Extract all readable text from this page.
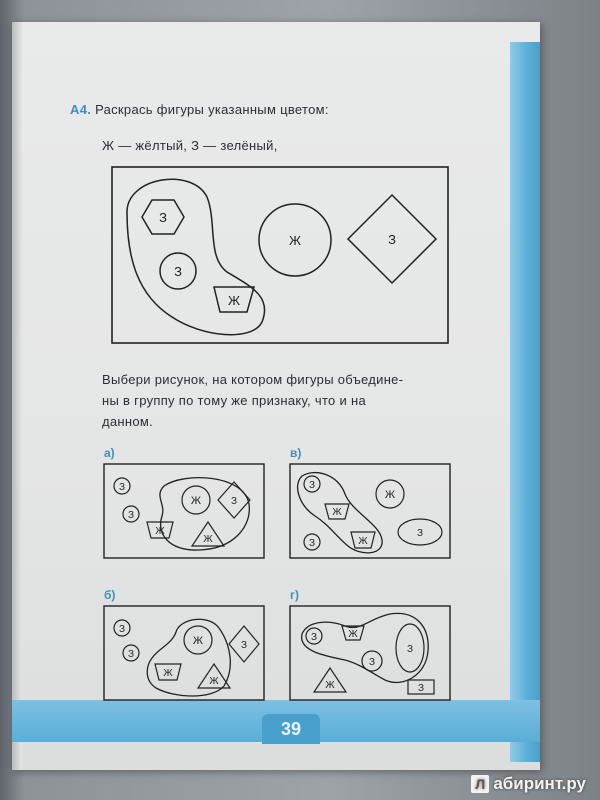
39
А4. Раскрась фигуры указанным цветом:
Ж — жёлтый, З — зелёный,
З
З
Ж
Ж	З
Выбери рисунок, на котором фигуры объедине-
ны в группу по тому же признаку, что и на
данном.
а)	в)
б)	г)
З
З
Ж
Ж	З
Ж
З
Ж
З	Ж
Ж
З
З
З
Ж
Ж
Ж
З
З	Ж
З
З
Ж	З
Л абиринт.ру
